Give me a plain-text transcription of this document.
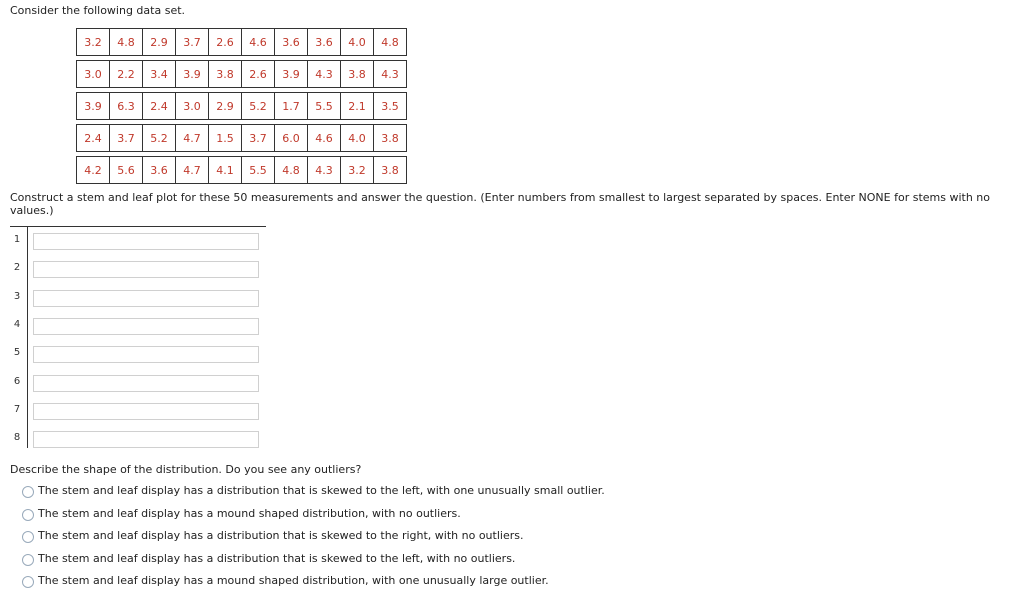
Consider the following data set.
3.2	4.8	2.9	3.7	2.6	4.6	3.6	3.6	4.0	4.8

3.0	2.2	3.4	3.9	3.8	2.6	3.9	4.3	3.8	4.3

3.9	6.3	2.4	3.0	2.9	5.2	1.7	5.5	2.1	3.5

2.4	3.7	5.2	4.7	1.5	3.7	6.0	4.6	4.0	3.8

4.2	5.6	3.6	4.7	4.1	5.5	4.8	4.3	3.2	3.8
Construct a stem and leaf plot for these 50 measurements and answer the question. (Enter numbers from smallest to largest separated by spaces. Enter NONE for stems with no values.)
1
2
3
4
5
6
7
8
Describe the shape of the distribution. Do you see any outliers?
The stem and leaf display has a distribution that is skewed to the left, with one unusually small outlier.
The stem and leaf display has a mound shaped distribution, with no outliers.
The stem and leaf display has a distribution that is skewed to the right, with no outliers.
The stem and leaf display has a distribution that is skewed to the left, with no outliers.
The stem and leaf display has a mound shaped distribution, with one unusually large outlier.
